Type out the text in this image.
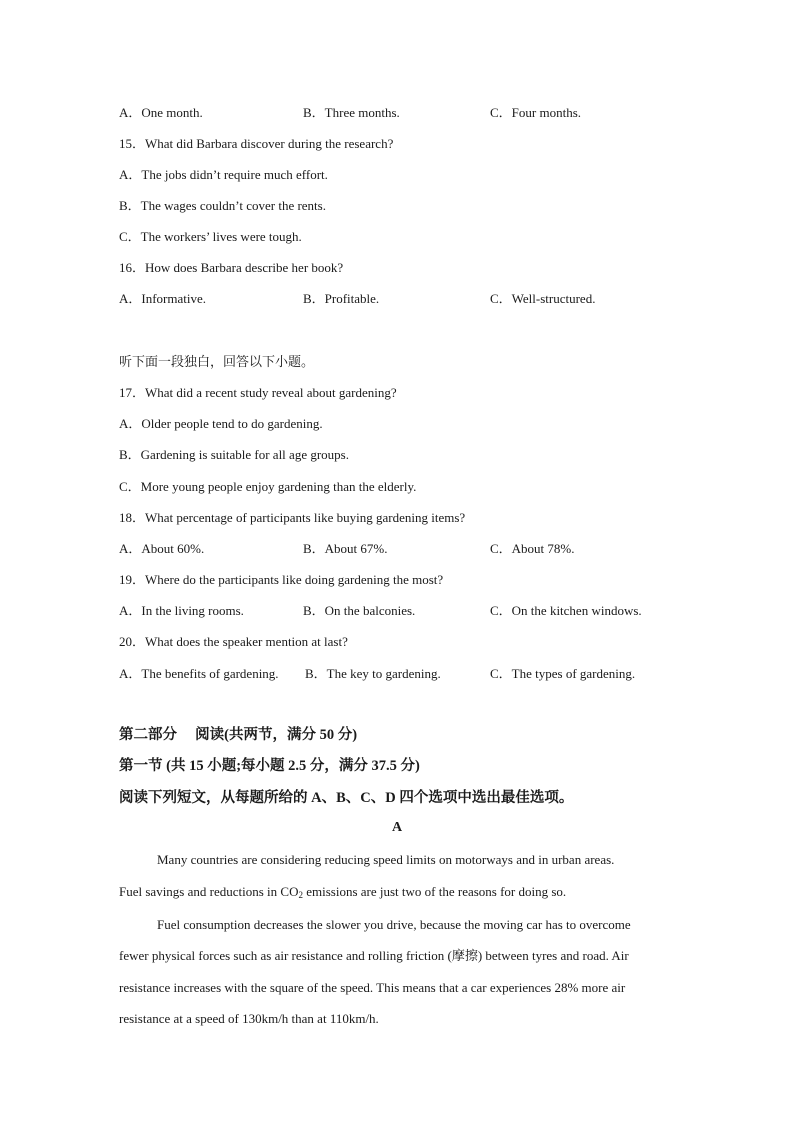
A．One month.	B．Three months.	C．Four months.
15．What did Barbara discover during the research?
A．The jobs didn’t require much effort.
B．The wages couldn’t cover the rents.
C．The workers’ lives were tough.
16．How does Barbara describe her book?
A．Informative.	B．Profitable.	C．Well-structured.
听下面一段独白，回答以下小题。
17．What did a recent study reveal about gardening?
A．Older people tend to do gardening.
B．Gardening is suitable for all age groups.
C．More young people enjoy gardening than the elderly.
18．What percentage of participants like buying gardening items?
A．About 60%.	B．About 67%.	C．About 78%.
19．Where do the participants like doing gardening the most?
A．In the living rooms.	B．On the balconies.	C．On the kitchen windows.
20．What does the speaker mention at last?
A．The benefits of gardening. B．The key to gardening.	C．The types of gardening.
第二部分　 阅读(共两节，满分 50 分)
第一节 (共 15 小题;每小题 2.5 分，满分 37.5 分)
阅读下列短文，从每题所给的 A、B、C、D 四个选项中选出最佳选项。
A
Many countries are considering reducing speed limits on motorways and in urban areas.
Fuel savings and reductions in $CO_2$ emissions are just two of the reasons for doing so.
Fuel consumption decreases the slower you drive, because the moving car has to overcome
fewer physical forces such as air resistance and rolling friction (摩擦) between tyres and road. Air
resistance increases with the square of the speed. This means that a car experiences 28% more air
resistance at a speed of 130km/h than at 110km/h.
